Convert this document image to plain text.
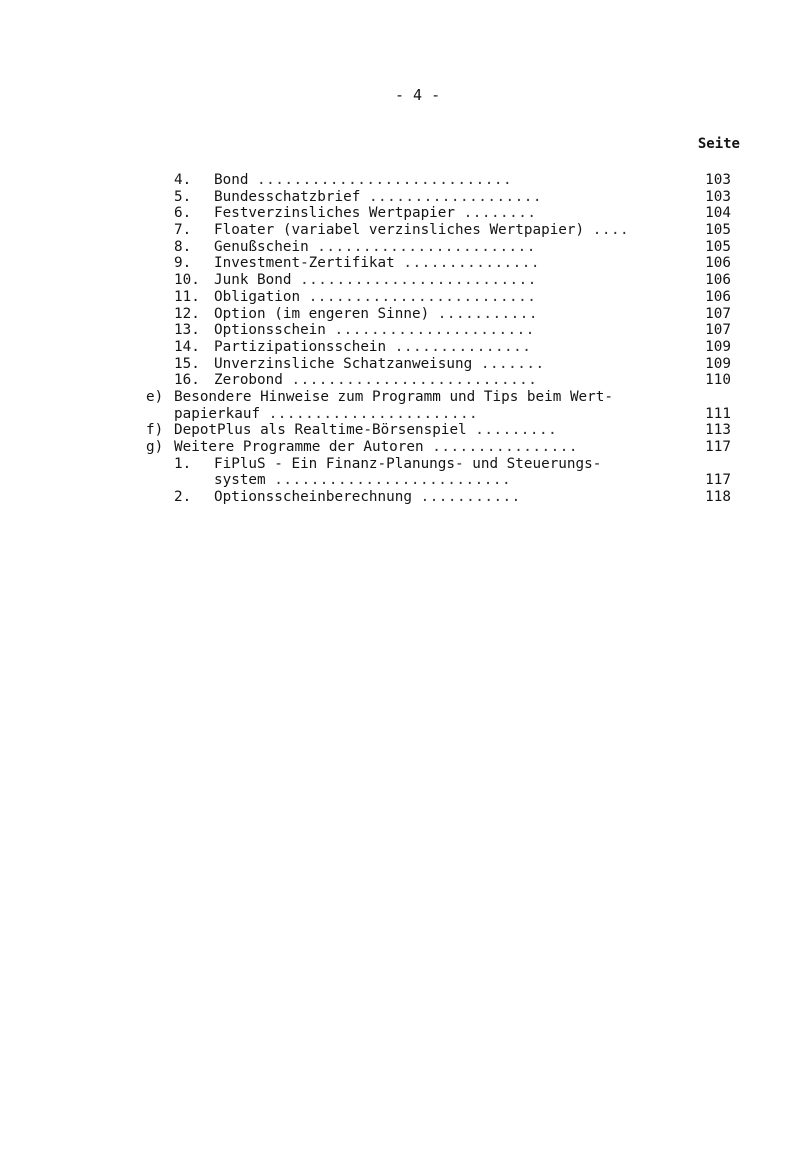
- 4 -
Seite
4. Bond ............................	103
5. Bundesschatzbrief ...................	103
6. Festverzinsliches Wertpapier ........	104
7. Floater (variabel verzinsliches Wertpapier) ....	105
8. Genußschein ........................	105
9. Investment-Zertifikat ...............	106
10. Junk Bond ..........................	106
11. Obligation .........................	106
12. Option (im engeren Sinne) ...........	107
13. Optionsschein ......................	107
14. Partizipationsschein ...............	109
15. Unverzinsliche Schatzanweisung .......	109
16. Zerobond ...........................	110
e) Besondere Hinweise zum Programm und Tips beim Wert-
papierkauf .......................	111
f) DepotPlus als Realtime-Börsenspiel .........	113
g) Weitere Programme der Autoren ................	117
1. FiPluS - Ein Finanz-Planungs- und Steuerungs-
system ..........................	117
2. Optionsscheinberechnung ...........	118
